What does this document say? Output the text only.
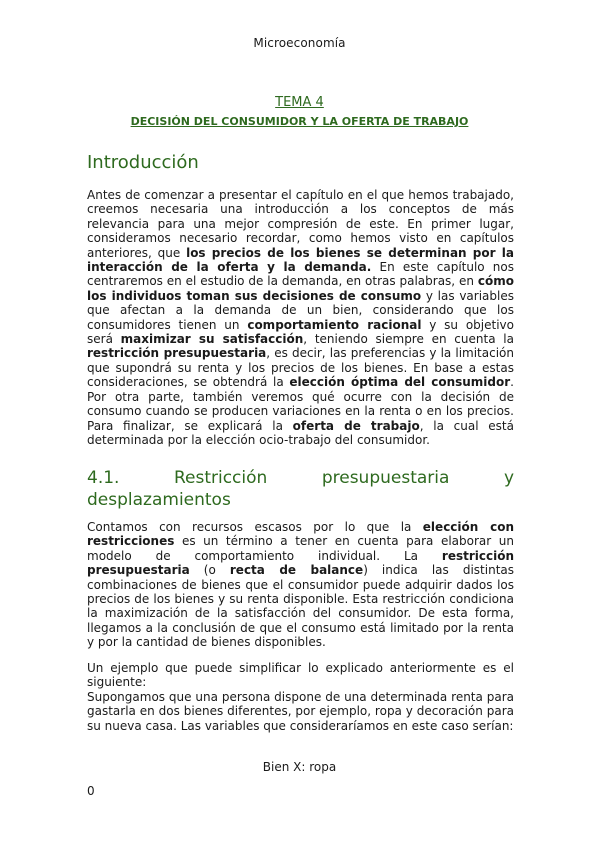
Microeconomía
TEMA 4
DECISIÓN DEL CONSUMIDOR Y LA OFERTA DE TRABAJO
Introducción

Antes de comenzar a presentar el capítulo en el que hemos trabajado, creemos necesaria una introducción a los conceptos de más relevancia para una mejor compresión de este. En primer lugar, consideramos necesario recordar, como hemos visto en capítulos anteriores, que los precios de los bienes se determinan por la interacción de la oferta y la demanda. En este capítulo nos centraremos en el estudio de la demanda, en otras palabras, en cómo los individuos toman sus decisiones de consumo y las variables que afectan a la demanda de un bien, considerando que los consumidores tienen un comportamiento racional y su objetivo será maximizar su satisfacción, teniendo siempre en cuenta la restricción presupuestaria, es decir, las preferencias y la limitación que supondrá su renta y los precios de los bienes. En base a estas consideraciones, se obtendrá la elección óptima del consumidor. Por otra parte, también veremos qué ocurre con la decisión de consumo cuando se producen variaciones en la renta o en los precios. Para finalizar, se explicará la oferta de trabajo, la cual está determinada por la elección ocio-trabajo del consumidor.

4.1.	Restricción	presupuestaria	y
desplazamientos

Contamos con recursos escasos por lo que la elección con restricciones es un término a tener en cuenta para elaborar un modelo de comportamiento individual. La restricción presupuestaria (o recta de balance) indica las distintas combinaciones de bienes que el consumidor puede adquirir dados los precios de los bienes y su renta disponible. Esta restricción condiciona la maximización de la satisfacción del consumidor. De esta forma, llegamos a la conclusión de que el consumo está limitado por la renta y por la cantidad de bienes disponibles.

Un ejemplo que puede simplificar lo explicado anteriormente es el siguiente:

Supongamos que una persona dispone de una determinada renta para gastarla en dos bienes diferentes, por ejemplo, ropa y decoración para su nueva casa. Las variables que consideraríamos en este caso serían:

Bien X: ropa
0
